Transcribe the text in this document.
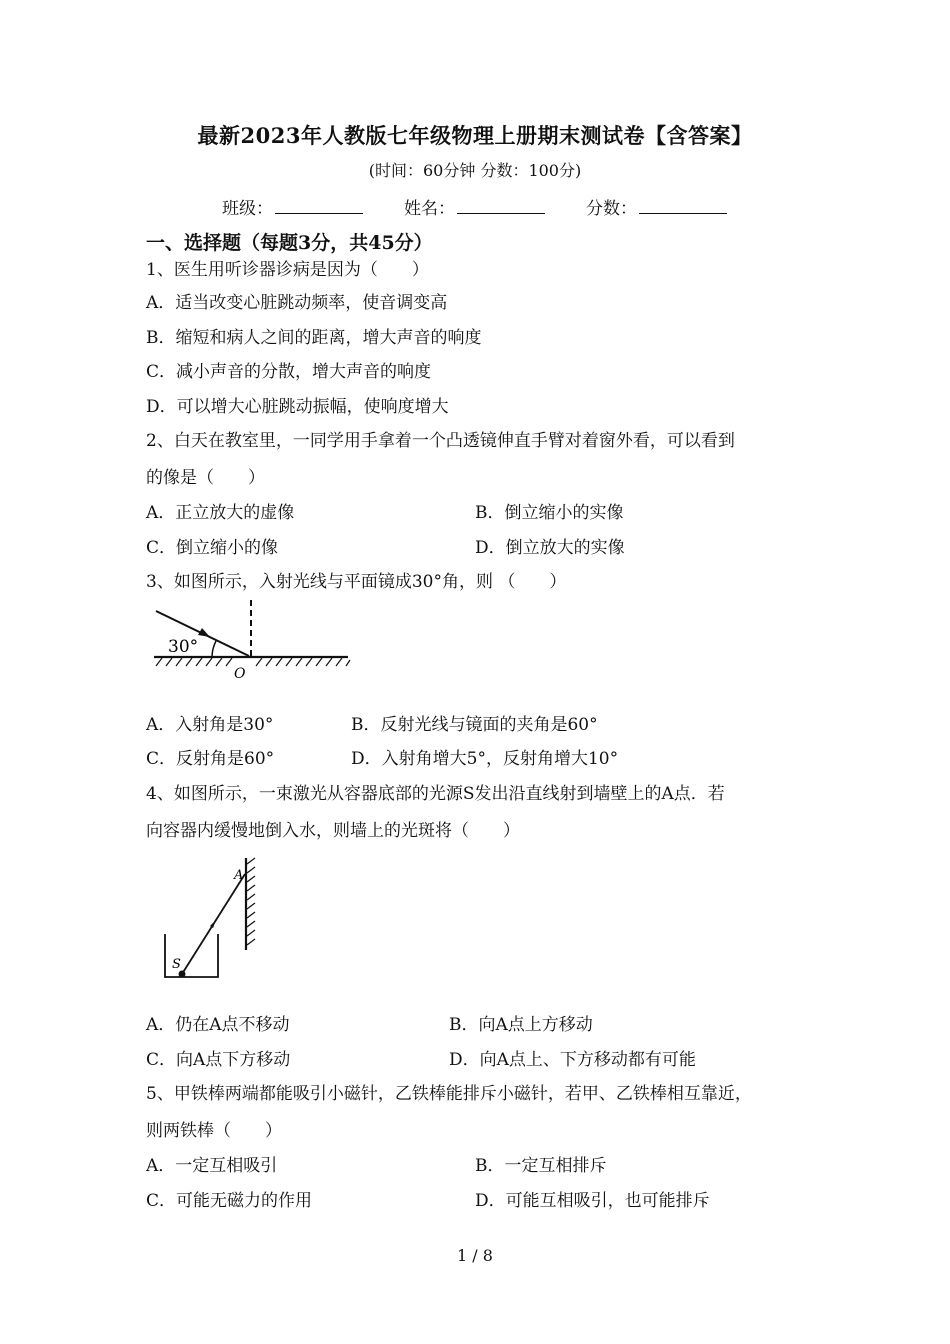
最新2023年人教版七年级物理上册期末测试卷【含答案】
(时间：60分钟 分数：100分)
班级：	姓名：	分数：
一、选择题（每题3分，共45分）
1、医生用听诊器诊病是因为（　　）
A．适当改变心脏跳动频率，使音调变高
B．缩短和病人之间的距离，增大声音的响度
C．减小声音的分散，增大声音的响度
D．可以增大心脏跳动振幅，使响度增大
2、白天在教室里，一同学用手拿着一个凸透镜伸直手臂对着窗外看，可以看到
的像是（　　）
A．正立放大的虚像	B．倒立缩小的实像
C．倒立缩小的像	D．倒立放大的实像
3、如图所示，入射光线与平面镜成30°角，则 （　　）
30°
O
A．入射角是30°	B．反射光线与镜面的夹角是60°
C．反射角是60°	D．入射角增大5°，反射角增大10°
4、如图所示，一束激光从容器底部的光源S发出沿直线射到墙壁上的A点．若
向容器内缓慢地倒入水，则墙上的光斑将（　　）
S
A
A．仍在A点不移动	B．向A点上方移动
C．向A点下方移动	D．向A点上、下方移动都有可能
5、甲铁棒两端都能吸引小磁针，乙铁棒能排斥小磁针，若甲、乙铁棒相互靠近，
则两铁棒（　　）
A．一定互相吸引	B．一定互相排斥
C．可能无磁力的作用	D．可能互相吸引，也可能排斥
1 / 8
